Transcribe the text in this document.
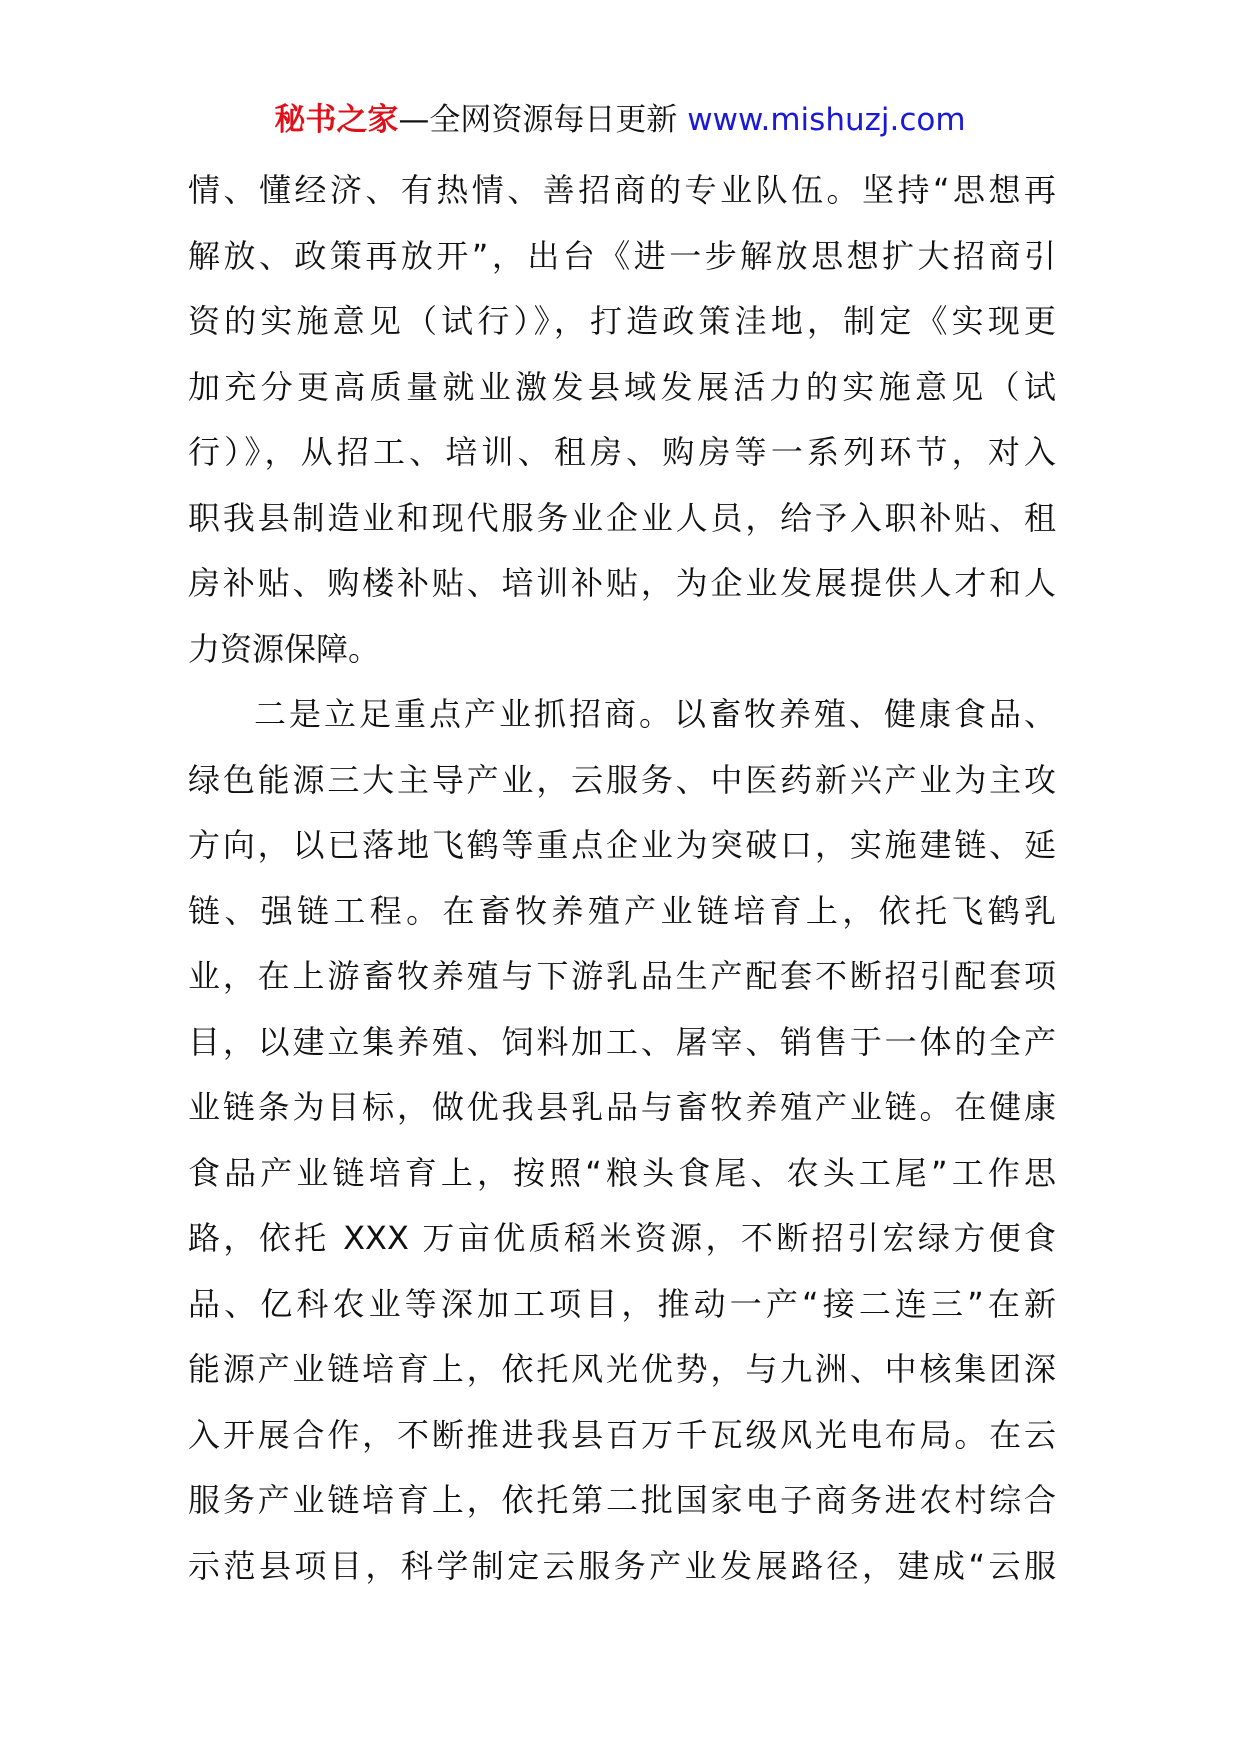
秘书之家—全网资源每日更新 www.mishuzj.com
情、懂经济、有热情、善招商的专业队伍。坚持“思想再
解放、政策再放开”，出台《进一步解放思想扩大招商引
资的实施意见（试行）》，打造政策洼地，制定《实现更
加充分更高质量就业激发县域发展活力的实施意见（试
行）》，从招工、培训、租房、购房等一系列环节，对入
职我县制造业和现代服务业企业人员，给予入职补贴、租
房补贴、购楼补贴、培训补贴，为企业发展提供人才和人
力资源保障。
二是立足重点产业抓招商。以畜牧养殖、健康食品、
绿色能源三大主导产业，云服务、中医药新兴产业为主攻
方向，以已落地飞鹤等重点企业为突破口，实施建链、延
链、强链工程。在畜牧养殖产业链培育上，依托飞鹤乳
业，在上游畜牧养殖与下游乳品生产配套不断招引配套项
目，以建立集养殖、饲料加工、屠宰、销售于一体的全产
业链条为目标，做优我县乳品与畜牧养殖产业链。在健康
食品产业链培育上，按照“粮头食尾、农头工尾”工作思
路，依托 XXX 万亩优质稻米资源，不断招引宏绿方便食
品、亿科农业等深加工项目，推动一产“接二连三”在新
能源产业链培育上，依托风光优势，与九洲、中核集团深
入开展合作，不断推进我县百万千瓦级风光电布局。在云
服务产业链培育上，依托第二批国家电子商务进农村综合
示范县项目，科学制定云服务产业发展路径，建成“云服
